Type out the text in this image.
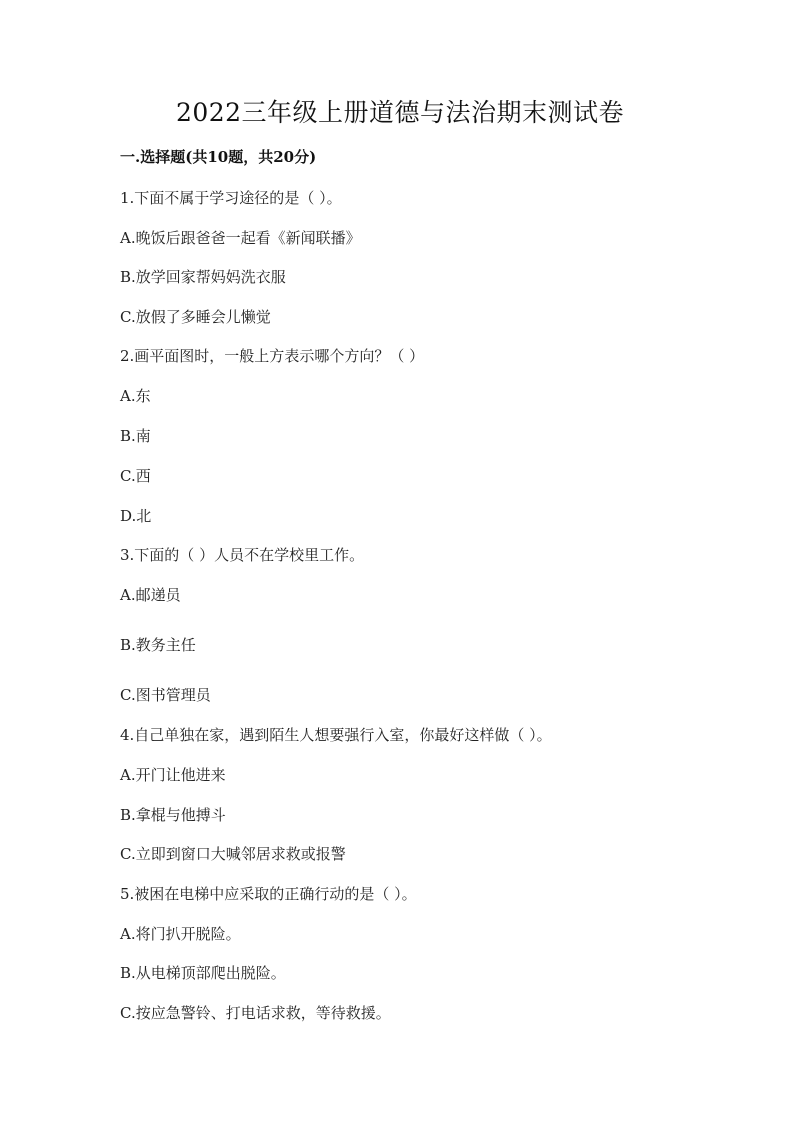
2022三年级上册道德与法治期末测试卷
一.选择题(共10题，共20分)
1.下面不属于学习途径的是（ ）。
A.晚饭后跟爸爸一起看《新闻联播》
B.放学回家帮妈妈洗衣服
C.放假了多睡会儿懒觉
2.画平面图时，一般上方表示哪个方向？（ ）
A.东
B.南
C.西
D.北
3.下面的（ ）人员不在学校里工作。
A.邮递员
B.教务主任
C.图书管理员
4.自己单独在家，遇到陌生人想要强行入室，你最好这样做（ ）。
A.开门让他进来
B.拿棍与他搏斗
C.立即到窗口大喊邻居求救或报警
5.被困在电梯中应采取的正确行动的是（ ）。
A.将门扒开脱险。
B.从电梯顶部爬出脱险。
C.按应急警铃、打电话求救，等待救援。
